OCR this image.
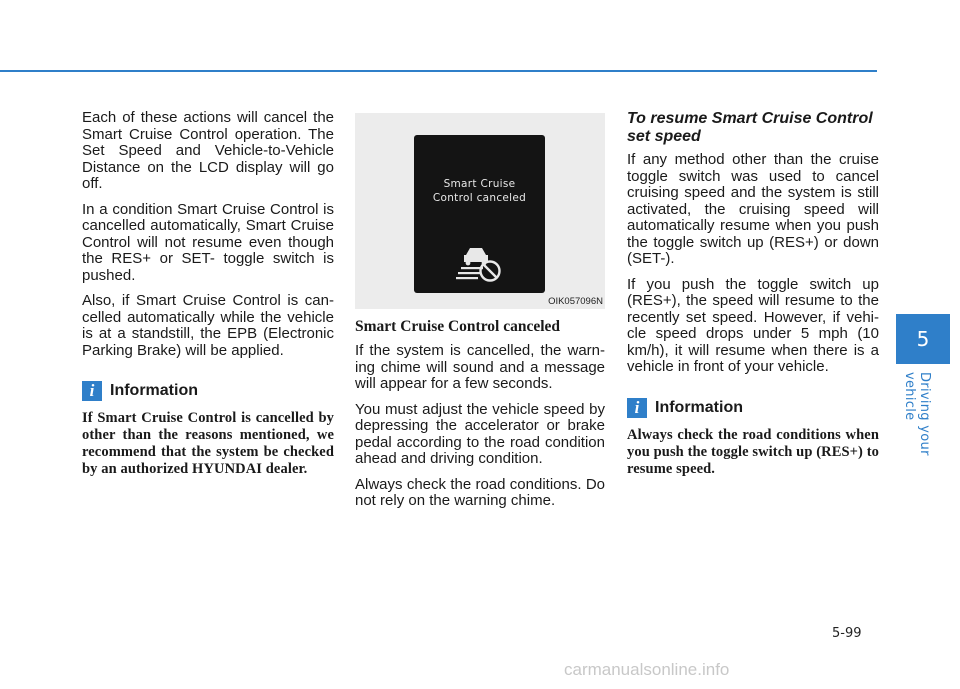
Each of these actions will cancel the Smart Cruise Control operation. The Set Speed and Vehicle-to-Vehicle Distance on the LCD display will go off.

In a condition Smart Cruise Control is cancelled automatically, Smart Cruise Control will not resume even though the RES+ or SET- toggle switch is pushed.

Also, if Smart Cruise Control is can-celled automatically while the vehicle is at a standstill, the EPB (Electronic Parking Brake) will be applied.

i Information

If Smart Cruise Control is cancelled by other than the reasons mentioned, we recommend that the system be checked by an authorized HYUNDAI dealer.

Smart Cruise
Control canceled
OIK057096N
Smart Cruise Control canceled

If the system is cancelled, the warn-ing chime will sound and a message will appear for a few seconds.

You must adjust the vehicle speed by depressing the accelerator or brake pedal according to the road condition ahead and driving condition.

Always check the road conditions. Do not rely on the warning chime.

To resume Smart Cruise Control set speed

If any method other than the cruise toggle switch was used to cancel cruising speed and the system is still activated, the cruising speed will automatically resume when you push the toggle switch up (RES+) or down (SET-).

If you push the toggle switch up (RES+), the speed will resume to the recently set speed. However, if vehi-cle speed drops under 5 mph (10 km/h), it will resume when there is a vehicle in front of your vehicle.

i Information

Always check the road conditions when you push the toggle switch up (RES+) to resume speed.

5
Driving your vehicle
5-99
carmanualsonline.info
